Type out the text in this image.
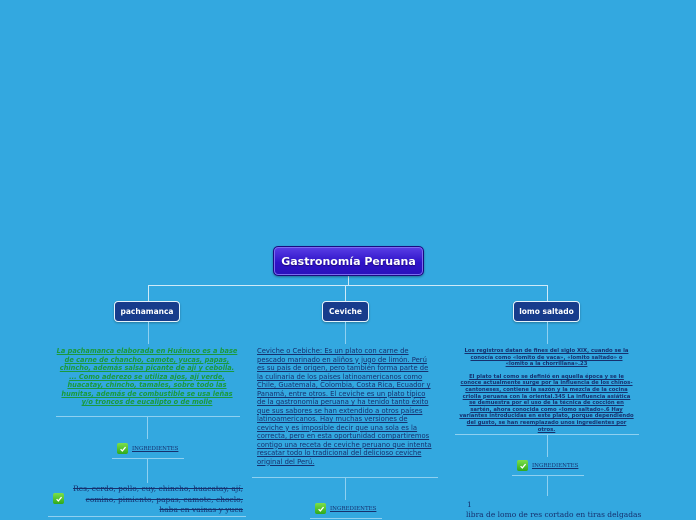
Gastronomía Peruana
pachamanca
La pachamanca elaborada en Huánuco es a base de carne de chancho, camote, yucas, papas, chincho, además salsa picante de ají y cebolla. ... Como aderezo se utiliza ajos, ají verde, huacatay, chincho, tamales, sobre todo las humitas, además de combustible se usa leñas y/o troncos de eucalipto o de molle
INGREDIENTES
Res, cerdo, pollo, cuy, chincho, huacatay, ají, comino, pimiento, papas, camote, choclo, haba en vainas y yuca
Ceviche
Ceviche o Cebiche: Es un plato con carne de pescado marinado en aliños y jugo de limón. Perú es su país de origen, pero también forma parte de la culinaria de los países latinoamericanos como Chile, Guatemala, Colombia, Costa Rica, Ecuador y Panamá, entre otros. El ceviche es un plato típico de la gastronomía peruana y ha tenido tanto éxito que sus sabores se han extendido a otros países latinoamericanos. Hay muchas versiones de ceviche y es imposible decir que una sola es la correcta, pero en esta oportunidad compartiremos contigo una receta de ceviche peruano que intenta rescatar todo lo tradicional del delicioso ceviche original del Perú.
INGREDIENTES
lomo saltado

Los registros datan de fines del siglo XIX, cuando se la conocía como «lomito de vaca», «lomito saltado» o «lomito a la chorrillana».23

El plato tal como se definió en aquella época y se le conoce actualmente surge por la influencia de los chinos-cantoneses, contiene la sazón y la mezcla de la cocina criolla peruana con la oriental.345 La influencia asiática se demuestra por el uso de la técnica de cocción en sartén, ahora conocida como «lomo saltado».6 Hay variantes introducidas en este plato, porque dependiendo del gusto, se han reemplazado unos ingredientes por otros.

INGREDIENTES
1
libra de lomo de res cortado en tiras delgadas
